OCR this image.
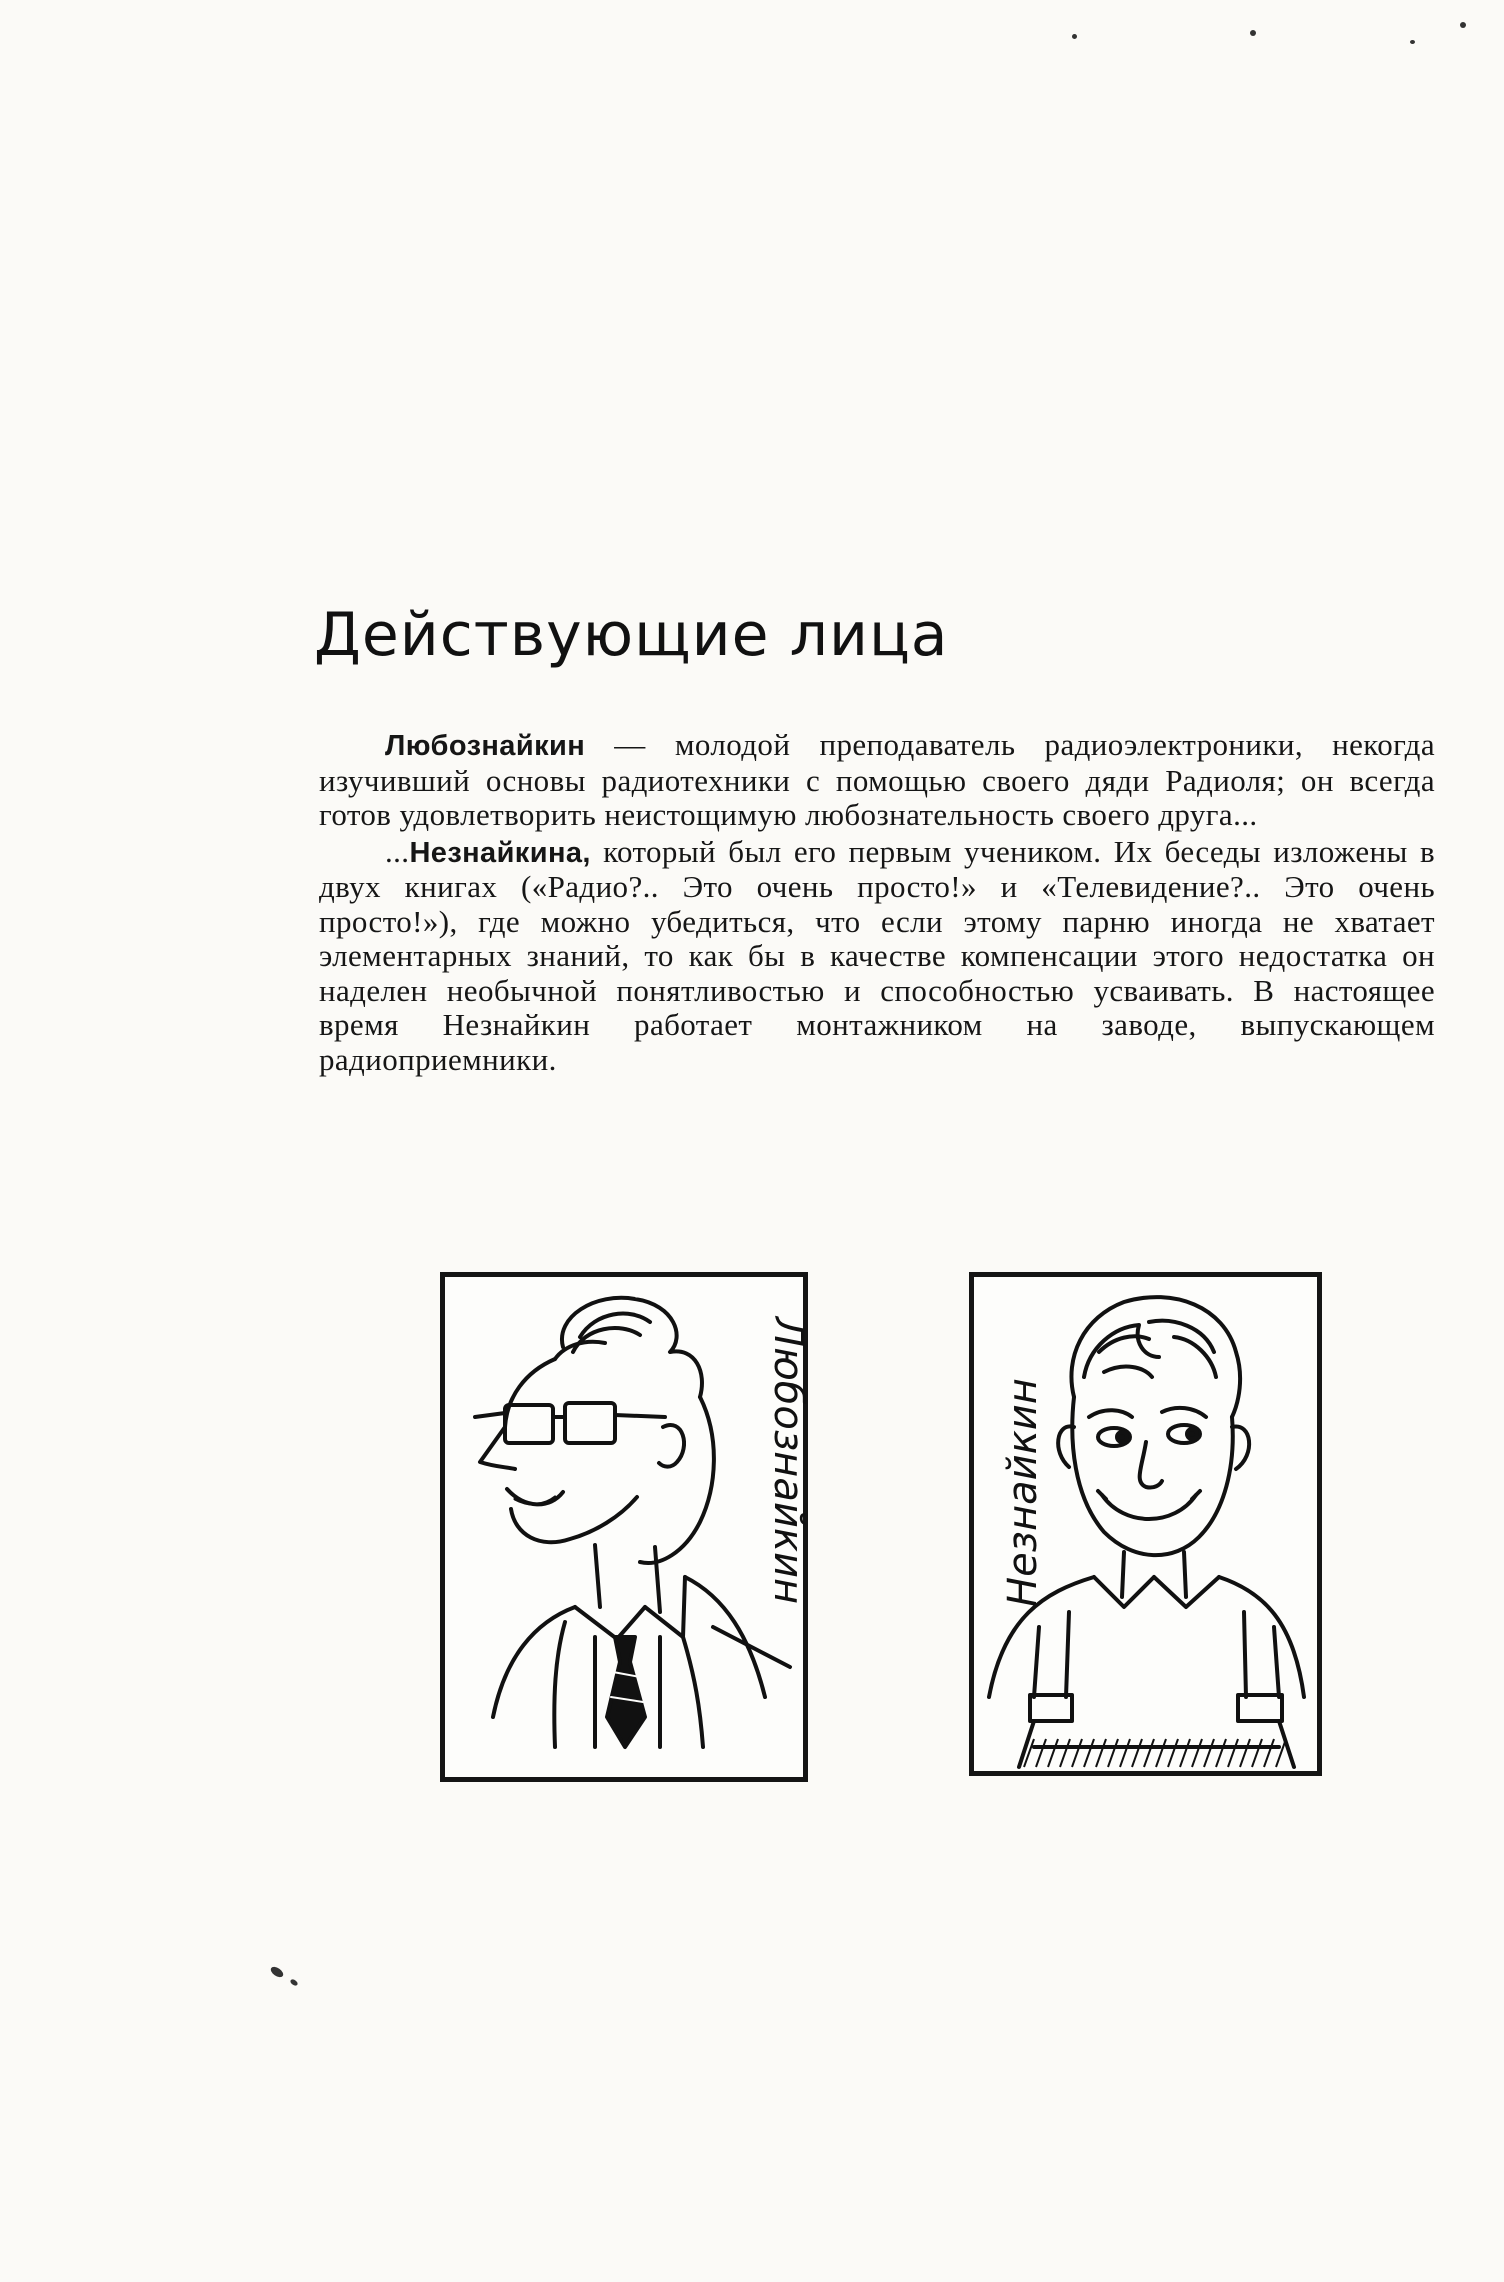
Действующие лица

Любознайкин — молодой преподаватель радиоэлектроники, некогда изучивший основы радиотехники с помощью своего дяди Радиоля; он всегда готов удовлетворить неистощимую любознательность своего друга...

...Незнайкина, который был его первым учеником. Их беседы изложены в двух книгах («Радио?.. Это очень просто!» и «Телевидение?.. Это очень просто!»), где можно убедиться, что если этому парню иногда не хватает элементарных знаний, то как бы в качестве компенсации этого недостатка он наделен необычной понятливостью и способностью усваивать. В настоящее время Незнайкин работает монтажником на заводе, выпускающем радиоприемники.

Любознайкин	Незнайкин
